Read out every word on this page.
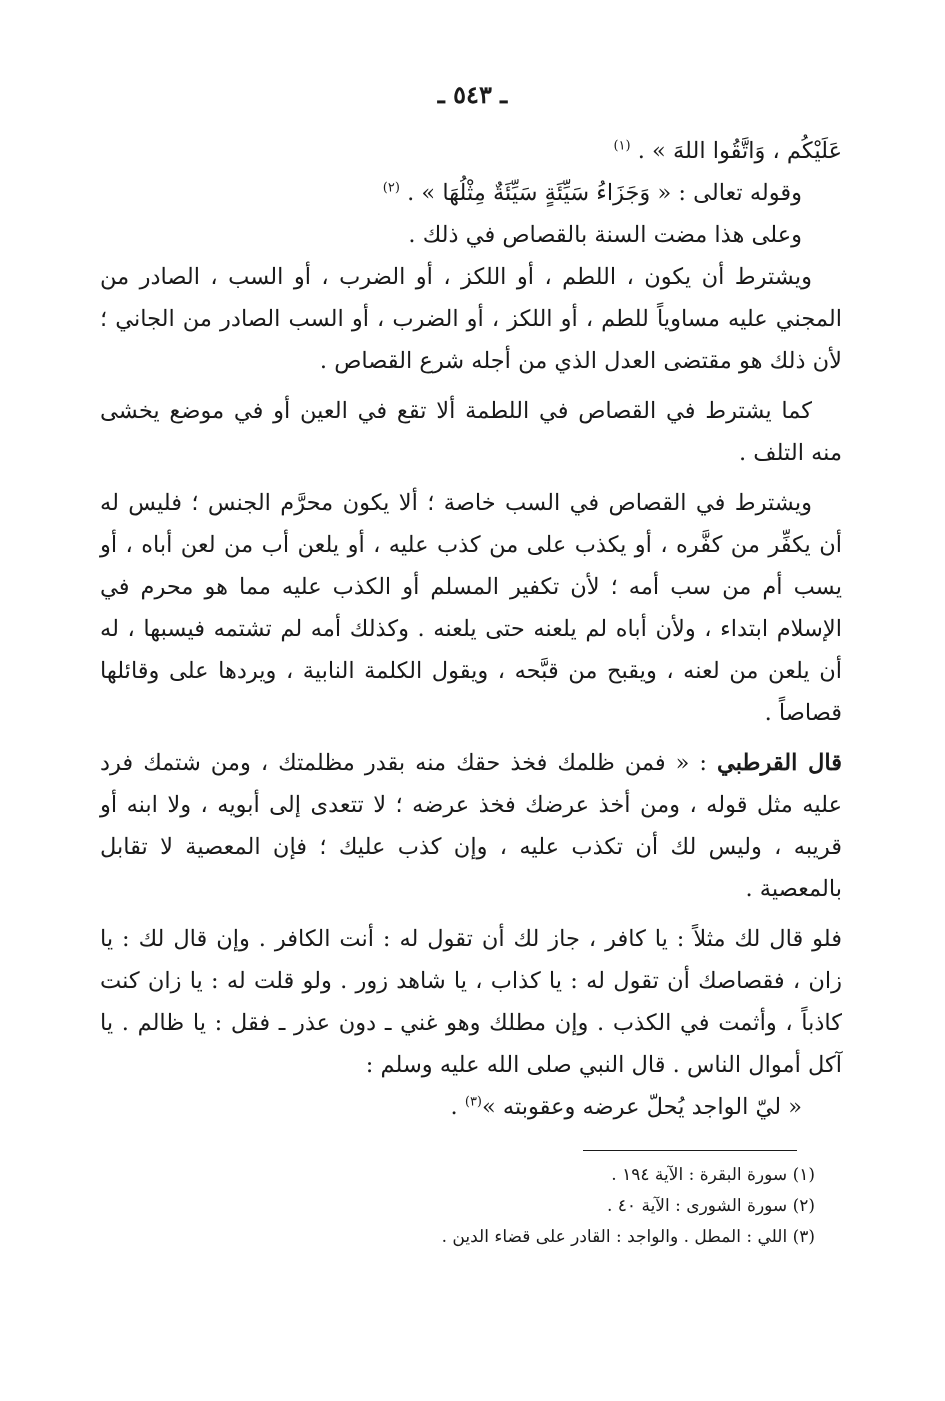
ـ ٥٤٣ ـ
عَلَيْكُم ، وَاتَّقُوا اللهَ » . $^{(١)}$
وقوله تعالى : « وَجَزَاءُ سَيِّئَةٍ سَيِّئَةٌ مِثْلُهَا » . $^{(٢)}$
وعلى هذا مضت السنة بالقصاص في ذلك .
ويشترط أن يكون ، اللطم ، أو اللكز ، أو الضرب ، أو السب ، الصادر من المجني عليه مساوياً للطم ، أو اللكز ، أو الضرب ، أو السب الصادر من الجاني ؛ لأن ذلك هو مقتضى العدل الذي من أجله شرع القصاص .
كما يشترط في القصاص في اللطمة ألا تقع في العين أو في موضع يخشى منه التلف .
ويشترط في القصاص في السب خاصة ؛ ألا يكون محرَّم الجنس ؛ فليس له أن يكفِّر من كفَّره ، أو يكذب على من كذب عليه ، أو يلعن أب من لعن أباه ، أو يسب أم من سب أمه ؛ لأن تكفير المسلم أو الكذب عليه مما هو محرم في الإسلام ابتداء ، ولأن أباه لم يلعنه حتى يلعنه . وكذلك أمه لم تشتمه فيسبها ، له أن يلعن من لعنه ، ويقبح من قبَّحه ، ويقول الكلمة النابية ، ويردها على وقائلها قصاصاً .
قال القرطبي : « فمن ظلمك فخذ حقك منه بقدر مظلمتك ، ومن شتمك فرد عليه مثل قوله ، ومن أخذ عرضك فخذ عرضه ؛ لا تتعدى إلى أبويه ، ولا ابنه أو قريبه ، وليس لك أن تكذب عليه ، وإن كذب عليك ؛ فإن المعصية لا تقابل بالمعصية .
فلو قال لك مثلاً : يا كافر ، جاز لك أن تقول له : أنت الكافر . وإن قال لك : يا زان ، فقصاصك أن تقول له : يا كذاب ، يا شاهد زور . ولو قلت له : يا زان كنت كاذباً ، وأثمت في الكذب . وإن مطلك وهو غني ـ دون عذر ـ فقل : يا ظالم . يا آكل أموال الناس . قال النبي صلى الله عليه وسلم :
« ليّ الواجد يُحلّ عرضه وعقوبته »$^{(٣)}$ .
(١) سورة البقرة : الآية ١٩٤ .
(٢) سورة الشورى : الآية ٤٠ .
(٣) اللي : المطل . والواجد : القادر على قضاء الدين .
